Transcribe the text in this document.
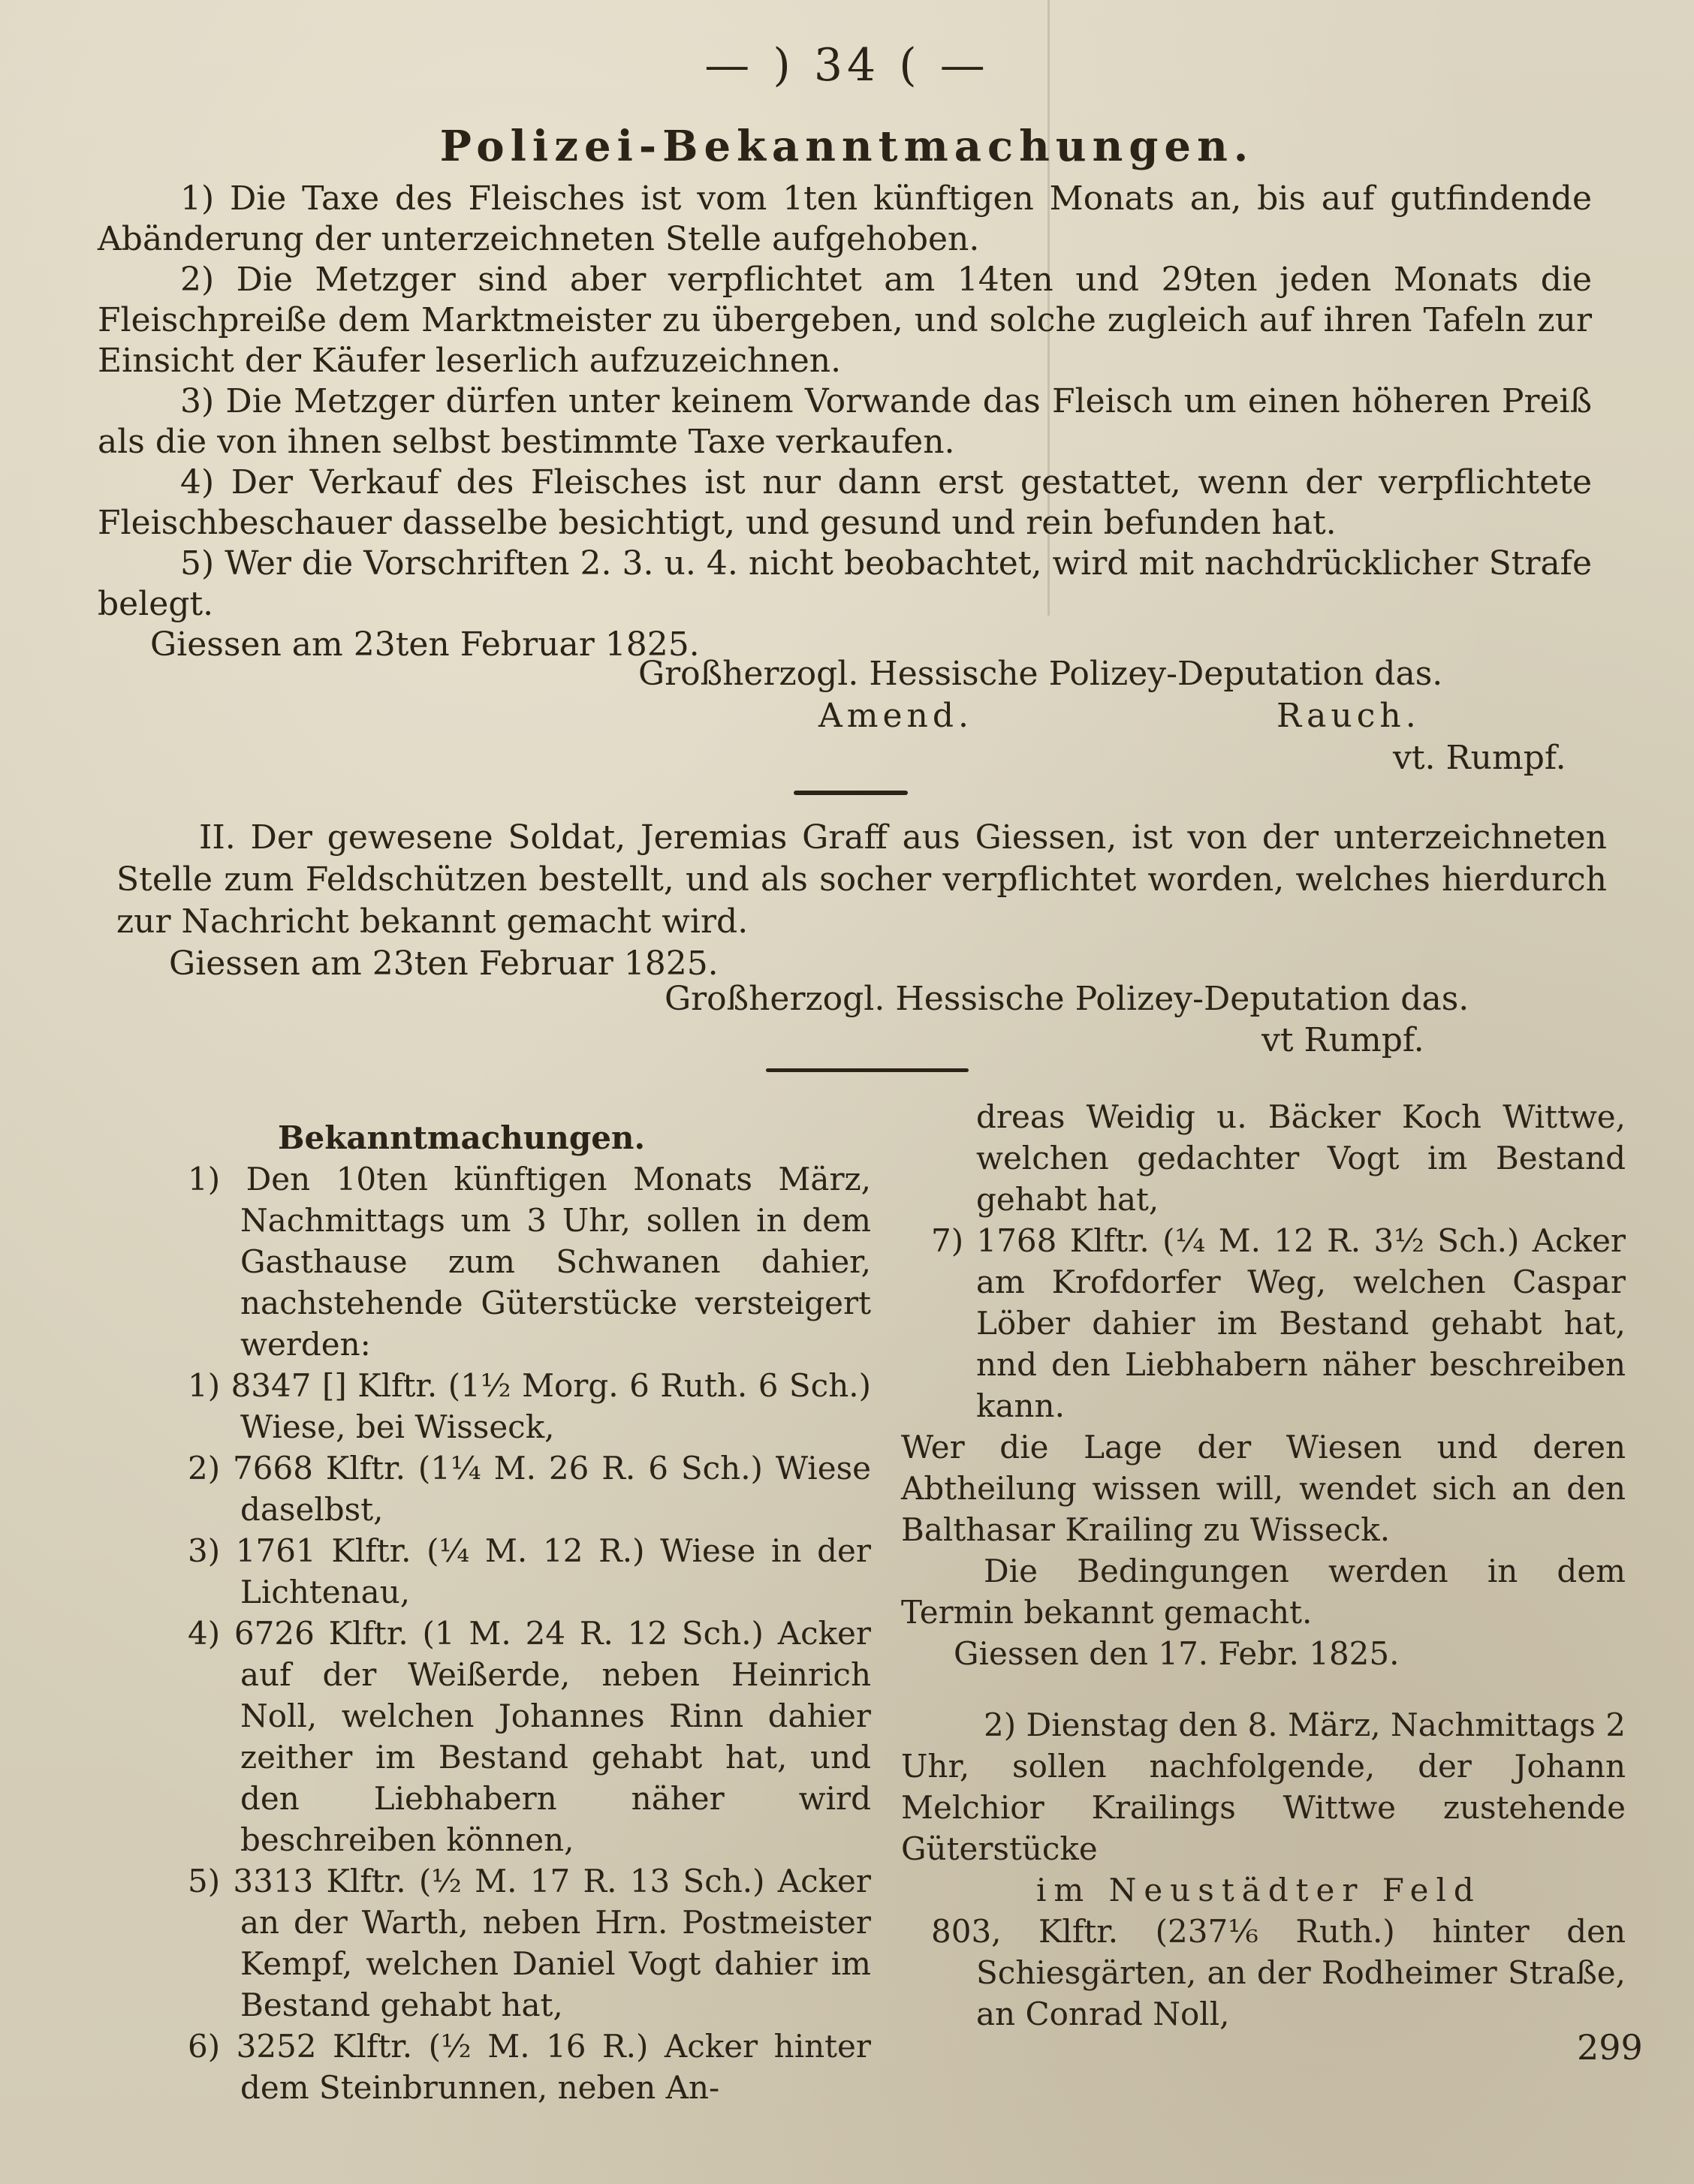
— ) 34 ( —
Polizei-Bekanntmachungen.

1) Die Taxe des Fleisches ist vom 1ten künftigen Monats an, bis auf gutfindende Abänderung der unterzeichneten Stelle aufgehoben.

2) Die Metzger sind aber verpflichtet am 14ten und 29ten jeden Monats die Fleischpreiße dem Marktmeister zu übergeben, und solche zugleich auf ihren Tafeln zur Einsicht der Käufer leserlich aufzuzeichnen.

3) Die Metzger dürfen unter keinem Vorwande das Fleisch um einen höheren Preiß als die von ihnen selbst bestimmte Taxe verkaufen.

4) Der Verkauf des Fleisches ist nur dann erst gestattet, wenn der verpflichtete Fleischbeschauer dasselbe besichtigt, und gesund und rein befunden hat.

5) Wer die Vorschriften 2. 3. u. 4. nicht beobachtet, wird mit nachdrücklicher Strafe belegt.

Giessen am 23ten Februar 1825.

Großherzogl. Hessische Polizey-Deputation das.
Amend.	Rauch.
vt. Rumpf.

II. Der gewesene Soldat, Jeremias Graff aus Giessen, ist von der unterzeichneten Stelle zum Feldschützen bestellt, und als socher verpflichtet worden, welches hierdurch zur Nachricht bekannt gemacht wird.

Giessen am 23ten Februar 1825.

Großherzogl. Hessische Polizey-Deputation das.
vt Rumpf.

Bekanntmachungen.

1) Den 10ten künftigen Monats März, Nachmittags um 3 Uhr, sollen in dem Gasthause zum Schwanen dahier, nachstehende Güterstücke versteigert werden:

1) 8347 [] Klftr. (1½ Morg. 6 Ruth. 6 Sch.) Wiese, bei Wisseck,

2) 7668 Klftr. (1¼ M. 26 R. 6 Sch.) Wiese daselbst,

3) 1761 Klftr. (¼ M. 12 R.) Wiese in der Lichtenau,

4) 6726 Klftr. (1 M. 24 R. 12 Sch.) Acker auf der Weißerde, neben Heinrich Noll, welchen Johannes Rinn dahier zeither im Bestand gehabt hat, und den Liebhabern näher wird beschreiben können,

5) 3313 Klftr. (½ M. 17 R. 13 Sch.) Acker an der Warth, neben Hrn. Postmeister Kempf, welchen Daniel Vogt dahier im Bestand gehabt hat,

6) 3252 Klftr. (½ M. 16 R.) Acker hinter dem Steinbrunnen, neben An-

dreas Weidig u. Bäcker Koch Wittwe, welchen gedachter Vogt im Bestand gehabt hat,

7) 1768 Klftr. (¼ M. 12 R. 3½ Sch.) Acker am Krofdorfer Weg, welchen Caspar Löber dahier im Bestand gehabt hat, nnd den Liebhabern näher beschreiben kann.

Wer die Lage der Wiesen und deren Abtheilung wissen will, wendet sich an den Balthasar Krailing zu Wisseck.

Die Bedingungen werden in dem Termin bekannt gemacht.

Giessen den 17. Febr. 1825.

2) Dienstag den 8. März, Nachmittags 2 Uhr, sollen nachfolgende, der Johann Melchior Krailings Wittwe zustehende Güterstücke

im Neustädter Feld

803, Klftr. (237¹⁄₆ Ruth.) hinter den Schiesgärten, an der Rodheimer Straße, an Conrad Noll,

299
